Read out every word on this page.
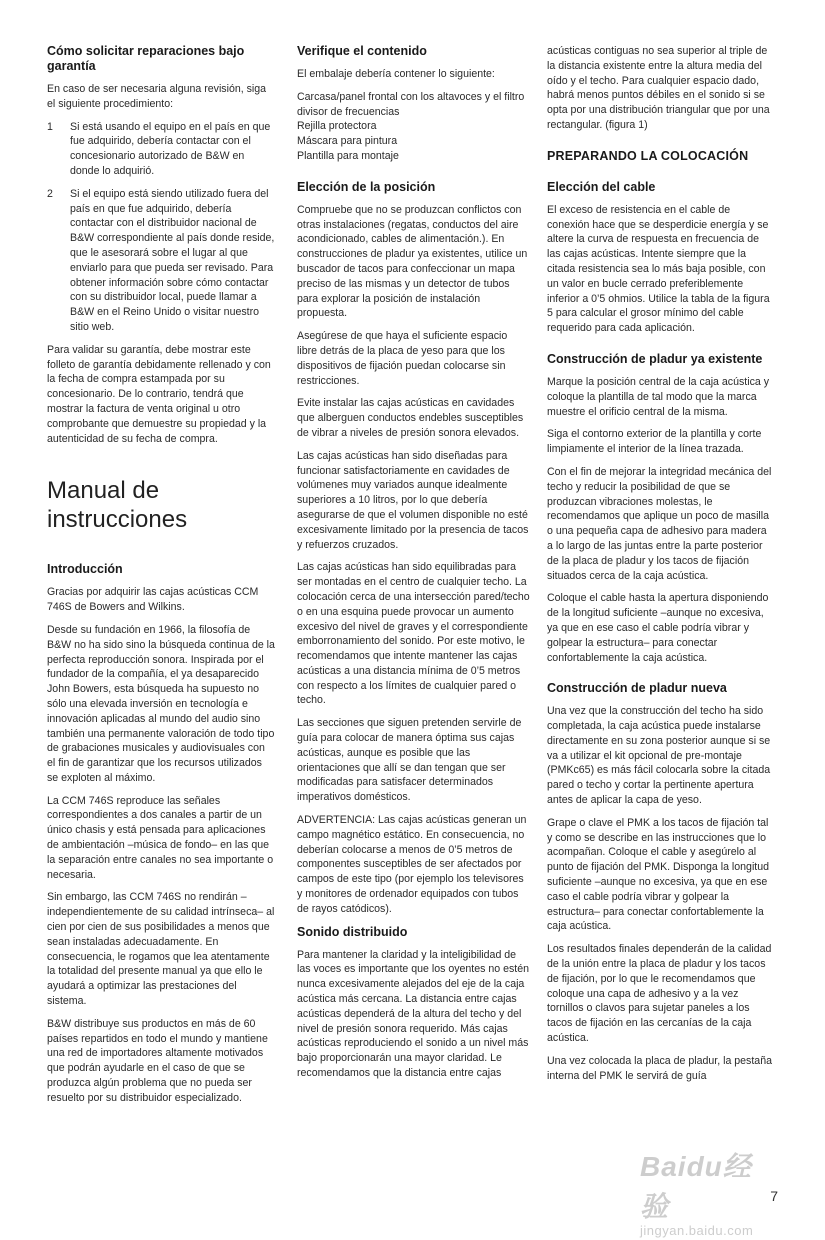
Cómo solicitar reparaciones bajo garantía

En caso de ser necesaria alguna revisión, siga el siguiente procedimiento:

1	Si está usando el equipo en el país en que fue adquirido, debería contactar con el concesionario autorizado de B&W en donde lo adquirió.
2	Si el equipo está siendo utilizado fuera del país en que fue adquirido, debería contactar con el distribuidor nacional de B&W correspondiente al país donde reside, que le asesorará sobre el lugar al que enviarlo para que pueda ser revisado. Para obtener información sobre cómo contactar con su distribuidor local, puede llamar a B&W en el Reino Unido o visitar nuestro sitio web.

Para validar su garantía, debe mostrar este folleto de garantía debidamente rellenado y con la fecha de compra estampada por su concesionario. De lo contrario, tendrá que mostrar la factura de venta original u otro comprobante que demuestre su propiedad y la autenticidad de su fecha de compra.

Manual de instrucciones
Introducción

Gracias por adquirir las cajas acústicas CCM 746S de Bowers and Wilkins.

Desde su fundación en 1966, la filosofía de B&W no ha sido sino la búsqueda continua de la perfecta reproducción sonora. Inspirada por el fundador de la compañía, el ya desaparecido John Bowers, esta búsqueda ha supuesto no sólo una elevada inversión en tecnología e innovación aplicadas al mundo del audio sino también una permanente valoración de todo tipo de grabaciones musicales y audiovisuales con el fin de garantizar que los recursos utilizados se exploten al máximo.

La CCM 746S reproduce las señales correspondientes a dos canales a partir de un único chasis y está pensada para aplicaciones de ambientación –música de fondo– en las que la separación entre canales no sea importante o necesaria.

Sin embargo, las CCM 746S no rendirán –independientemente de su calidad intrínseca– al cien por cien de sus posibilidades a menos que sean instaladas adecuadamente. En consecuencia, le rogamos que lea atentamente la totalidad del presente manual ya que ello le ayudará a optimizar las prestaciones del sistema.

B&W distribuye sus productos en más de 60 países repartidos en todo el mundo y mantiene una red de importadores altamente motivados que podrán ayudarle en el caso de que se produzca algún problema que no pueda ser resuelto por su distribuidor especializado.

Verifique el contenido

El embalaje debería contener lo siguiente:

Carcasa/panel frontal con los altavoces y el filtro divisor de frecuencias

Rejilla protectora

Máscara para pintura

Plantilla para montaje

Elección de la posición

Compruebe que no se produzcan conflictos con otras instalaciones (regatas, conductos del aire acondicionado, cables de alimentación.). En construcciones de pladur ya existentes, utilice un buscador de tacos para confeccionar un mapa preciso de las mismas y un detector de tubos para explorar la posición de instalación propuesta.

Asegúrese de que haya el suficiente espacio libre detrás de la placa de yeso para que los dispositivos de fijación puedan colocarse sin restricciones.

Evite instalar las cajas acústicas en cavidades que alberguen conductos endebles susceptibles de vibrar a niveles de presión sonora elevados.

Las cajas acústicas han sido diseñadas para funcionar satisfactoriamente en cavidades de volúmenes muy variados aunque idealmente superiores a 10 litros, por lo que debería asegurarse de que el volumen disponible no esté excesivamente limitado por la presencia de tacos y refuerzos cruzados.

Las cajas acústicas han sido equilibradas para ser montadas en el centro de cualquier techo. La colocación cerca de una intersección pared/techo o en una esquina puede provocar un aumento excesivo del nivel de graves y el correspondiente emborronamiento del sonido. Por este motivo, le recomendamos que intente mantener las cajas acústicas a una distancia mínima de 0’5 metros con respecto a los límites de cualquier pared o techo.

Las secciones que siguen pretenden servirle de guía para colocar de manera óptima sus cajas acústicas, aunque es posible que las orientaciones que allí se dan tengan que ser modificadas para satisfacer determinados imperativos domésticos.

ADVERTENCIA: Las cajas acústicas generan un campo magnético estático. En consecuencia, no deberían colocarse a menos de 0’5 metros de componentes susceptibles de ser afectados por campos de este tipo (por ejemplo los televisores y monitores de ordenador equipados con tubos de rayos catódicos).

Sonido distribuido

Para mantener la claridad y la inteligibilidad de las voces es importante que los oyentes no estén nunca excesivamente alejados del eje de la caja acústica más cercana. La distancia entre cajas acústicas dependerá de la altura del techo y del nivel de presión sonora requerido. Más cajas acústicas reproduciendo el sonido a un nivel más bajo proporcionarán una mayor claridad. Le recomendamos que la distancia entre cajas

acústicas contiguas no sea superior al triple de la distancia existente entre la altura media del oído y el techo. Para cualquier espacio dado, habrá menos puntos débiles en el sonido si se opta por una distribución triangular que por una rectangular. (figura 1)

PREPARANDO LA COLOCACIÓN
Elección del cable

El exceso de resistencia en el cable de conexión hace que se desperdicie energía y se altere la curva de respuesta en frecuencia de las cajas acústicas. Intente siempre que la citada resistencia sea lo más baja posible, con un valor en bucle cerrado preferiblemente inferior a 0’5 ohmios. Utilice la tabla de la figura 5 para calcular el grosor mínimo del cable requerido para cada aplicación.

Construcción de pladur ya existente

Marque la posición central de la caja acústica y coloque la plantilla de tal modo que la marca muestre el orificio central de la misma.

Siga el contorno exterior de la plantilla y corte limpiamente el interior de la línea trazada.

Con el fin de mejorar la integridad mecánica del techo y reducir la posibilidad de que se produzcan vibraciones molestas, le recomendamos que aplique un poco de masilla o una pequeña capa de adhesivo para madera a lo largo de las juntas entre la parte posterior de la placa de pladur y los tacos de fijación situados cerca de la caja acústica.

Coloque el cable hasta la apertura disponiendo de la longitud suficiente –aunque no excesiva, ya que en ese caso el cable podría vibrar y golpear la estructura– para conectar confortablemente la caja acústica.

Construcción de pladur nueva

Una vez que la construcción del techo ha sido completada, la caja acústica puede instalarse directamente en su zona posterior aunque si se va a utilizar el kit opcional de pre-montaje (PMKc65) es más fácil colocarla sobre la citada pared o techo y cortar la pertinente apertura antes de aplicar la capa de yeso.

Grape o clave el PMK a los tacos de fijación tal y como se describe en las instrucciones que lo acompañan. Coloque el cable y asegúrelo al punto de fijación del PMK. Disponga la longitud suficiente –aunque no excesiva, ya que en ese caso el cable podría vibrar y golpear la estructura– para conectar confortablemente la caja acústica.

Los resultados finales dependerán de la calidad de la unión entre la placa de pladur y los tacos de fijación, por lo que le recomendamos que coloque una capa de adhesivo y a la vez tornillos o clavos para sujetar paneles a los tacos de fijación en las cercanías de la caja acústica.

Una vez colocada la placa de pladur, la pestaña interna del PMK le servirá de guía

Baidu经验
jingyan.baidu.com
7
